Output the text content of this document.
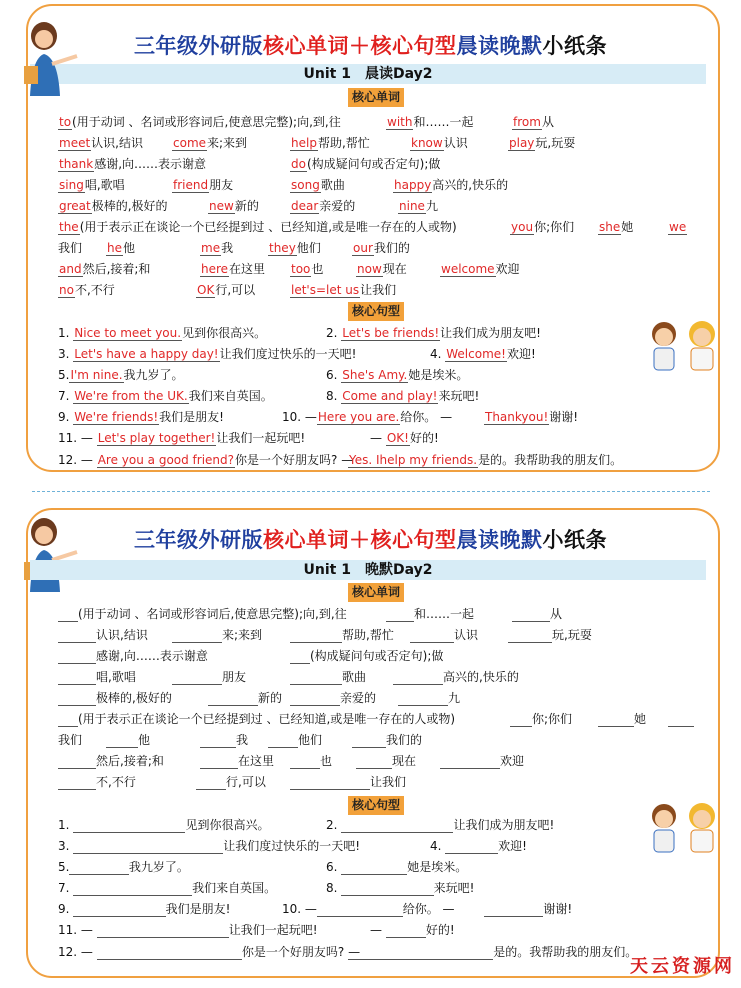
三年级外研版核心单词＋核心句型晨读晚默小纸条
Unit 1　晨读Day2
核心单词
核心句型
to(用于动词 、名词或形容词后,使意思完整);向,到,往	with和……一起	from从
meet认识,结识	come来;来到	help帮助,帮忙	know认识	play玩,玩耍
thank感谢,向……表示谢意	do(构成疑问句或否定句);做
sing唱,歌唱	friend朋友	song歌曲	happy高兴的,快乐的
great极棒的,极好的	new新的	dear亲爱的	nine九
the(用于表示正在谈论一个已经提到过 、已经知道,或是唯一存在的人或物)	you你;你们 she她	we
我们 he他	me我	they他们	our我们的
and然后,接着;和	here在这里 too也	now现在	welcome欢迎
no不,不行	OK行,可以	let's=let us让我们
1. Nice to meet you.见到你很高兴。	2. Let's be friends!让我们成为朋友吧!
3. Let's have a happy day!让我们度过快乐的一天吧!	4. Welcome!欢迎!
5.I'm nine.我九岁了。	6. She's Amy.她是埃米。
7. We're from the UK.我们来自英国。	8. Come and play!来玩吧!
9. We're friends!我们是朋友!	10. —Here you are.给你。 —	Thankyou!谢谢!
11. — Let's play together!让我们一起玩吧!	— OK!好的!
12. — Are you a good friend?你是一个好朋友吗? —
Yes. Ihelp my friends.是的。我帮助我的朋友们。
三年级外研版核心单词＋核心句型晨读晚默小纸条
Unit 1　晚默Day2
核心单词
核心句型
(用于动词 、名词或形容词后,使意思完整);向,到,往	和……一起	从
认识,结识	来;来到	帮助,帮忙	认识	玩,玩耍
感谢,向……表示谢意	(构成疑问句或否定句);做
唱,歌唱	朋友	歌曲	高兴的,快乐的
极棒的,极好的	新的	亲爱的	九
(用于表示正在谈论一个已经提到过 、已经知道,或是唯一存在的人或物)	你;你们	她
我们	他	我	他们	我们的
然后,接着;和	在这里	也	现在	欢迎
不,不行	行,可以	让我们
1.	见到你很高兴。	2.	让我们成为朋友吧!
3.	让我们度过快乐的一天吧!	4.	欢迎!
5.	我九岁了。	6.	她是埃米。
7.	我们来自英国。	8.	来玩吧!
9.	我们是朋友!	10. —	给你。 —	谢谢!
11. —	让我们一起玩吧!	—	好的!
12. —	你是一个好朋友吗? —	是的。我帮助我的朋友们。
天云资源网
